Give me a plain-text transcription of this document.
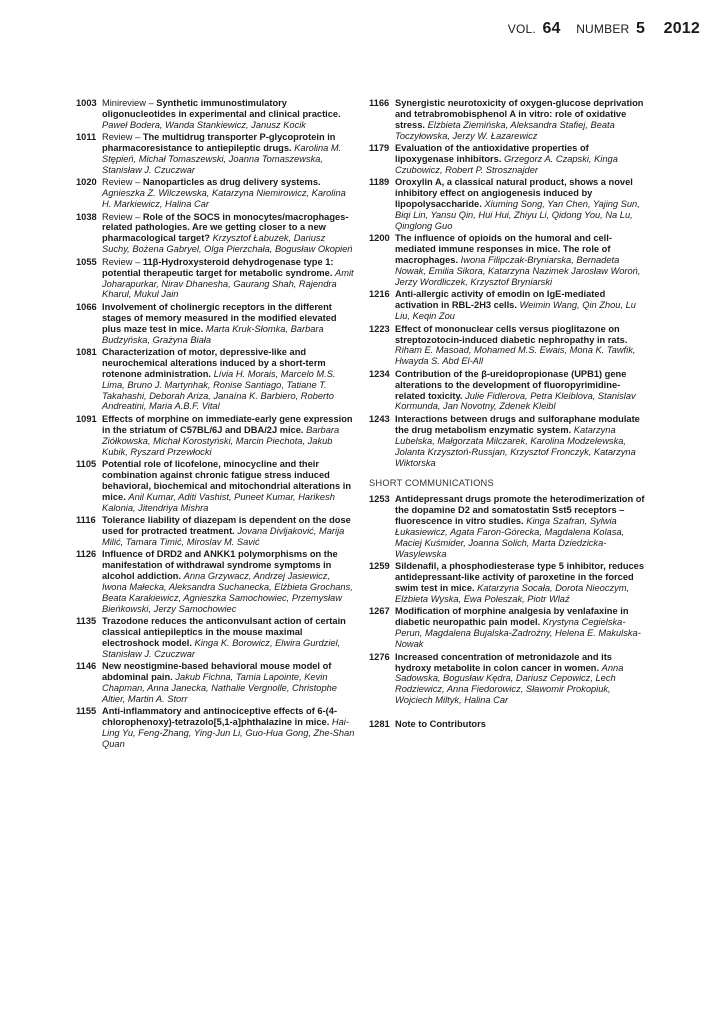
VOL. 64 NUMBER 5 2012
1003 Minireview – Synthetic immunostimulatory oligonucleotides in experimental and clinical practice. Paweł Bodera, Wanda Stankiewicz, Janusz Kocik
1011 Review – The multidrug transporter P-glycoprotein in pharmacoresistance to antiepileptic drugs. Karolina M. Stępień, Michał Tomaszewski, Joanna Tomaszewska, Stanisław J. Czuczwar
1020 Review – Nanoparticles as drug delivery systems. Agnieszka Z. Wilczewska, Katarzyna Niemirowicz, Karolina H. Markiewicz, Halina Car
1038 Review – Role of the SOCS in monocytes/macrophages-related pathologies. Are we getting closer to a new pharmacological target? Krzysztof Łabuzek, Dariusz Suchy, Bożena Gabryel, Olga Pierzchała, Bogusław Okopień
1055 Review – 11β-Hydroxysteroid dehydrogenase type 1: potential therapeutic target for metabolic syndrome. Amit Joharapurkar, Nirav Dhanesha, Gaurang Shah, Rajendra Kharul, Mukul Jain
1066 Involvement of cholinergic receptors in the different stages of memory measured in the modified elevated plus maze test in mice. Marta Kruk-Słomka, Barbara Budzyńska, Grażyna Biała
1081 Characterization of motor, depressive-like and neurochemical alterations induced by a short-term rotenone administration. Lívia H. Morais, Marcelo M.S. Lima, Bruno J. Martynhak, Ronise Santiago, Tatiane T. Takahashi, Deborah Ariza, Janaína K. Barbiero, Roberto Andreatini, Maria A.B.F. Vital
1091 Effects of morphine on immediate-early gene expression in the striatum of C57BL/6J and DBA/2J mice. Barbara Ziółkowska, Michał Korostyński, Marcin Piechota, Jakub Kubik, Ryszard Przewłocki
1105 Potential role of licofelone, minocycline and their combination against chronic fatigue stress induced behavioral, biochemical and mitochondrial alterations in mice. Anil Kumar, Aditi Vashist, Puneet Kumar, Harikesh Kalonia, Jitendriya Mishra
1116 Tolerance liability of diazepam is dependent on the dose used for protracted treatment. Jovana Divljaković, Marija Milić, Tamara Timić, Miroslav M. Savić
1126 Influence of DRD2 and ANKK1 polymorphisms on the manifestation of withdrawal syndrome symptoms in alcohol addiction. Anna Grzywacz, Andrzej Jasiewicz, Iwona Małecka, Aleksandra Suchanecka, Elżbieta Grochans, Beata Karakiewicz, Agnieszka Samochowiec, Przemysław Bieńkowski, Jerzy Samochowiec
1135 Trazodone reduces the anticonvulsant action of certain classical antiepileptics in the mouse maximal electroshock model. Kinga K. Borowicz, Elwira Gurdziel, Stanisław J. Czuczwar
1146 New neostigmine-based behavioral mouse model of abdominal pain. Jakub Fichna, Tamia Lapointe, Kevin Chapman, Anna Janecka, Nathalie Vergnolle, Christophe Altier, Martin A. Storr
1155 Anti-inflammatory and antinociceptive effects of 6-(4-chlorophenoxy)-tetrazolo[5,1-a]phthalazine in mice. Hai-Ling Yu, Feng-Zhang, Ying-Jun Li, Guo-Hua Gong, Zhe-Shan Quan
1166 Synergistic neurotoxicity of oxygen-glucose deprivation and tetrabromobisphenol A in vitro: role of oxidative stress. Elżbieta Ziemińska, Aleksandra Stafiej, Beata Toczyłowska, Jerzy W. Łazarewicz
1179 Evaluation of the antioxidative properties of lipoxygenase inhibitors. Grzegorz A. Czapski, Kinga Czubowicz, Robert P. Strosznajder
1189 Oroxylin A, a classical natural product, shows a novel inhibitory effect on angiogenesis induced by lipopolysaccharide. Xiuming Song, Yan Chen, Yajing Sun, Biqi Lin, Yansu Qin, Hui Hui, Zhiyu Li, Qidong You, Na Lu, Qinglong Guo
1200 The influence of opioids on the humoral and cell-mediated immune responses in mice. The role of macrophages. Iwona Filipczak-Bryniarska, Bernadeta Nowak, Emilia Sikora, Katarzyna Nazimek Jarosław Woroń, Jerzy Wordliczek, Krzysztof Bryniarski
1216 Anti-allergic activity of emodin on IgE-mediated activation in RBL-2H3 cells. Weimin Wang, Qin Zhou, Lu Liu, Keqin Zou
1223 Effect of mononuclear cells versus pioglitazone on streptozotocin-induced diabetic nephropathy in rats. Riham E. Masoad, Mohamed M.S. Ewais, Mona K. Tawfik, Hwayda S. Abd El-All
1234 Contribution of the β-ureidopropionase (UPB1) gene alterations to the development of fluoropyrimidine-related toxicity. Julie Fidlerova, Petra Kleiblova, Stanislav Kormunda, Jan Novotny, Zdenek Kleibl
1243 Interactions between drugs and sulforaphane modulate the drug metabolism enzymatic system. Katarzyna Lubelska, Małgorzata Milczarek, Karolina Modzelewska, Jolanta Krzysztoń-Russjan, Krzysztof Fronczyk, Katarzyna Wiktorska
SHORT COMMUNICATIONS
1253 Antidepressant drugs promote the heterodimerization of the dopamine D2 and somatostatin Sst5 receptors – fluorescence in vitro studies. Kinga Szafran, Sylwia Łukasiewicz, Agata Faron-Górecka, Magdalena Kolasa, Maciej Kuśmider, Joanna Solich, Marta Dziedzicka-Wasylewska
1259 Sildenafil, a phosphodiesterase type 5 inhibitor, reduces antidepressant-like activity of paroxetine in the forced swim test in mice. Katarzyna Socała, Dorota Nieoczym, Elżbieta Wyska, Ewa Poleszak, Piotr Wlaź
1267 Modification of morphine analgesia by venlafaxine in diabetic neuropathic pain model. Krystyna Cegielska-Perun, Magdalena Bujalska-Zadrożny, Helena E. Makulska-Nowak
1276 Increased concentration of metronidazole and its hydroxy metabolite in colon cancer in women. Anna Sadowska, Bogusław Kędra, Dariusz Cepowicz, Lech Rodziewicz, Anna Fiedorowicz, Sławomir Prokopiuk, Wojciech Miltyk, Halina Car
1281 Note to Contributors
